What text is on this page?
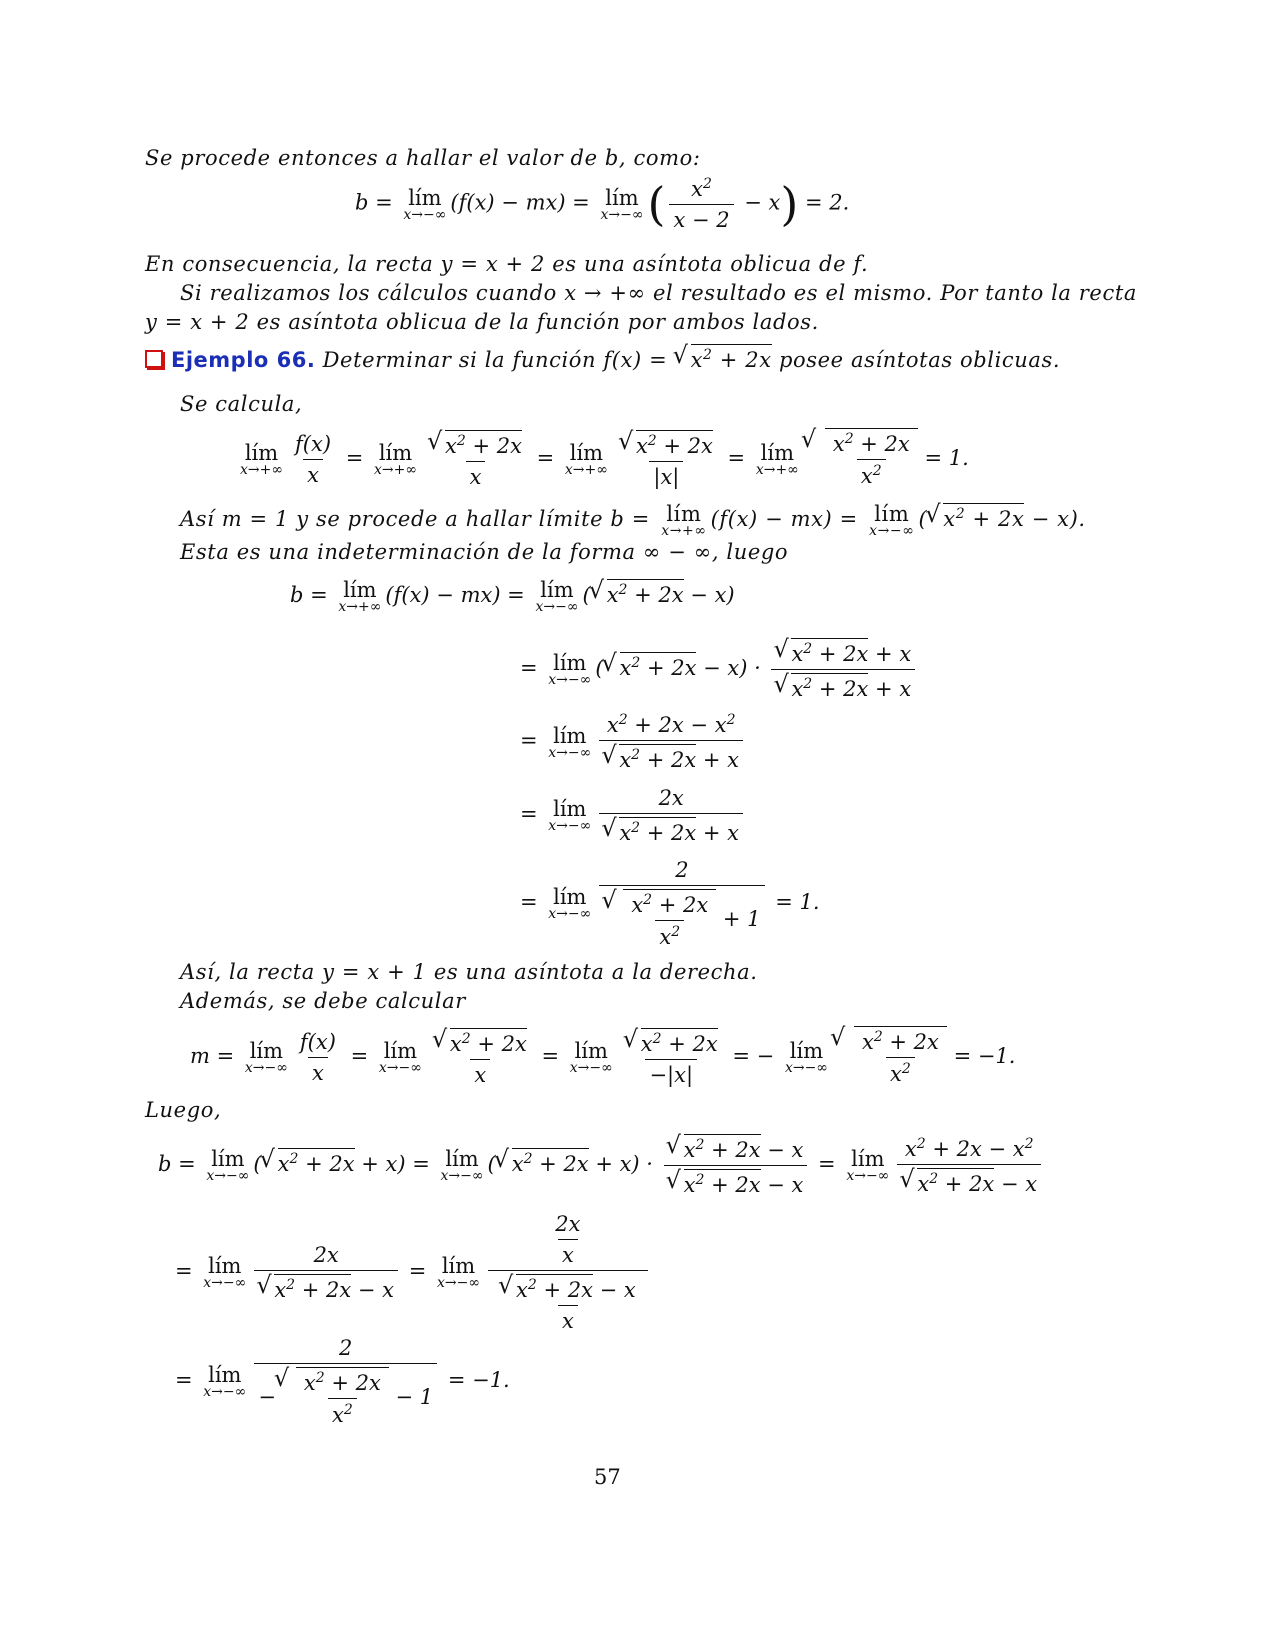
Se procede entonces a hallar el valor de b, como:
b = lím
x→−∞ (f(x) − mx) = lím
x→−∞ ( $\frac{x^2}{x - 2} - x) = 2$.
En consecuencia, la recta y = x + 2 es una asíntota oblicua de f.
Si realizamos los cálculos cuando x → +∞ el resultado es el mismo. Por tanto la recta
y = x + 2 es asíntota oblicua de la función por ambos lados.
Ejemplo 66. Determinar si la función f(x) = √ $x^2 + 2x$ posee asíntotas oblicuas.
Se calcula,
lím
$x\to+\infty \frac{f(x)}{x}$ = lím
x→+∞
√ $\frac{x^2 + 2x}{x}$ = lím
x→+∞
√ $\frac{x^2 + 2x}{|x|}$ = lím
x→+∞
√ $\frac{x^2 + 2x}{x^2} = 1$.
Así m = 1 y se procede a hallar límite b = lím
x→+∞ (f(x) − mx) = lím
x→−∞ (√ $x^2 + 2x - x$).
Esta es una indeterminación de la forma ∞ − ∞, luego
b = lím
x→+∞ (f(x) − mx) = lím
x→−∞ (√ $x^2 + 2x - x$)
= lím
x→−∞ (√ $x^2 + 2x - x$) ·
√ $x^2 + 2x + x$
√ $x^2 + 2x + x$
= lím
x→−∞ $x^2 + 2x - x^2$
√ $x^2 + 2x + x$
= lím
x→−∞ 2x
√ $x^2 + 2x + x$
= lím
x→−∞ 2
√ $\frac{x^2 + 2x}{x^2} + 1 = 1$.
Así, la recta y = x + 1 es una asíntota a la derecha.
Además, se debe calcular
m = lím
$x\to-\infty \frac{f(x)}{x}$ = lím
x→−∞
√ $\frac{x^2 + 2x}{x}$ = lím
x→−∞
√ $\frac{x^2 + 2x}{-|x|}$ = − lím
x→−∞
√ $\frac{x^2 + 2x}{x^2} = -1$.
Luego,
b = lím
x→−∞ (√ $x^2 + 2x + x$) = lím
x→−∞ (√ $x^2 + 2x + x$) ·
√ $x^2 + 2x - x$
√ $x^2 + 2x - x$ = lím
x→−∞ $x^2 + 2x - x^2$
√ $x^2 + 2x - x$
= lím
x→−∞ 2x
√ $x^2 + 2x - x$ = lím
$x\to-\infty \frac{2x}{x}$
√ $\frac{x^2 + 2x - x}{x}$
= lím
x→−∞ 2
−
√ $\frac{x^2 + 2x}{x^2} - 1 = -1$.
57
